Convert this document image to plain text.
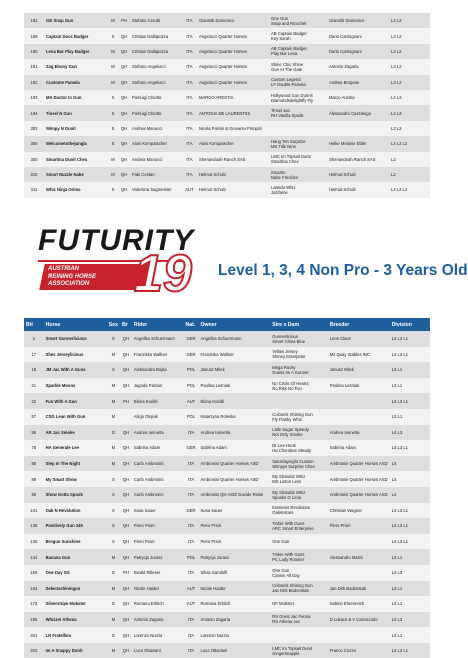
181	GD Snap Gun	M	PH	Stefano Cerutti	ITA	Giannitti Domenico	One Gun
Snap and Ricochet	Giannitti Domenico	L4 L3
189	Captain Docs Badger	S	QH	Cristian Dallapozza	ITA	Angelucci Quarter Horses	AB Captain Badger
Key Sarah	Dario Carmignani	L3 L2
190	Lena Bar Play Badger	M	QH	Cristian Dallapozza	ITA	Angelucci Quarter Horses	AB Captain Badger
Play Bar Lena	Dario Carmignani	L3 L2
191	Zag Ebony Gun	M	QH	Stefano Angelucci	ITA	Angelucci Quarter Horses	Shine Chic Shine
Gun At The Gate	Antonio Zagaria	L3 L2
192	Custome Pamela	M	QH	Stefano Angelucci	ITA	Angelucci Quarter Horses	Custom Legend
LF Double Pamela	Andrea Bergese	L3 L2
193	MA Doctor In Gun	S	QH	Pierluigi Chiotto	ITA	MARCO ARESTIA	Hollywood Gun Dunnit
Diamondsdelightfly Fly	Marco Arestia	L4 L3
194	Tinsel N Gun	S	QH	Pierluigi Chiotto	ITA	ANTONIA DE LAURENTIIS	Tinsel Jac
RH Vanilla Spook	Alessandro Cazzaniga	L4 L3
303	Wimpy N Dunit	S	QH	Andrea Manucci	ITA	Nicola Pulcini & Giovanni Pompizi			L3 L2
305	Welcometothejungla	S	QH	Alois Kompatscher	ITA	Alois Kompatscher	Hang Ten Surprize
MS Title Nine	Heike Melanie Ebler	L4 L3 L2
300	Smartina Dunit Chex	M	QH	Andrea Manucci	ITA	Shenandoah Ranch SAS	LMC Im Topsail Dunit
Smartina Chex	Shenandoah Ranch SAS	L2
310	Smart Nuzzle Nabe	M	QH	Fabi Cestari	ITA	Helmut Schulz	Smartin
Nabe Freckles	Helmut Schulz	L2
311	Whiz Ninja Orima	S	QH	Valentina Sagmeister	AUT	Helmut Schulz	Lareido Whiz
Jazifame	Helmut Schulz	L4 L3 L2
FUTURITY
19
AUSTRIAN
REINING HORSE
ASSOCIATION
Level 1, 3, 4 Non Pro - 3 Years Old
Bit	Horse	Sex	Br	Rider	Nat.	Owner	Sire x Dam	Breeder	Division
2	Smart Gunnerlicious	S	QH	Angelika Schuermann	GER	Angelika Schuermann	Gunnerlicious
Smart China Blue	Leon Claes	L4 L3 L1
17	Shes Jerseylicious	M	QH	Franziska Wallner	GER	Franziska Wallner	Yellow Jersey
Shiney Enterprise	Ms Quay Stables INC	L4 L3 L1
19	JM Jac With A Guns	S	QH	Aleksandra Bojda	POL	Janusz Milek	Mega Rocky
Guess Im A Gunner	Janusz Milek	L3 L1
21	Sparkle Moons	M	QH	Jagoda Pardus	POL	Paulina Lesniak	No Circle Of Hearts
No Risk No Fun	Paulina Lesniak	L3 L1
22	Fun With A Gun	M	PH	Elena Koelbl	AUT	Elena Koelbl			L4 L3 L1
57	CSG Lean With Gun	M		Alicja Olejnik	POL	Katarzyna Roleska	Colonels Shining Gun
Fly Flashy Whiz		L3 L1
59	AR Jac Smoke	G	QH	Andrea Iannetta	ITA	Andrea Iannetta	Little Sugar Speedy
Not Only Smoke	Andrea Iannetta	L4 L3
76	HA Generale Lee	M	QH	Sabrina Adam	GER	Sabrina Adam	Dr Lee Hook
Ha Cherokee Steady	Sabrina Adam	L4 L3 L1
88	Step In The Night	M	QH	Carlo Ambrosini	ITA	Ambrosini Quarter Horses ASD	Saturdaynight Custom
Wimpys Surprise Chex	Ambrosini Quarter Horses ASD	L4
89	My Smart Show	S	QH	Carlo Ambrosini	ITA	Ambrosini Quarter Horses ASD	My Showbiz Whiz
MS Linton Less	Ambrosini Quarter Horses ASD	L4
90	Show Gotta Spook	S	QH	Carlo Ambrosini	ITA	Ambrosini QH ASD/ Davide Rossi	My Showbiz Whiz
Spooks O Lena	Ambrosini Quarter Horses ASD	L4
101	Oak N Revolution	S	QH	Susa Sauer	GER	Susa Sauer	Einsteins Revolution
Oaksnstars	Christian Wagner	L4 L3 L1
135	Positively Gun 246	S	QH	Piero Priori	ITA	Piero Priori	Tinker With Guns
ARC Smart Enterprise	Piero Priori	L4 L3 L1
136	Brogun Sunshine	S	QH	Piero Priori	ITA	Piero Priori	One Gun		L4 L3 L1
144	Banana Gun	M	QH	Patrycja Jurasz	POL	Patrycja Jurasz	Tinker With Guns
PC Lady Rooster	Alessandro Malcli	L3 L1
155	One Day SG	G	PH	Ewald Rilleser	ITA	Silvia Gandolfi	One Gun
Cannie All Day		L4 L3
164	Selectashiningun	M	QH	Nicole Haider	AUT	Nicole Haider	Colonels Shining Gun
Jan Dirk Bodenstab	Jan Dirk Bodenstab	L3 L1
173	Silverstripe Mobster	G	QH	Romana Erblich	AUT	Romana Erblich	HF Mobster	Sabine Ehrenreich	L3 L1
195	Whizzer Athena	M	QH	Antonio Zagaria	ITA	Antonio Zagaria	RS Great Jac Feona
RS Athena Jac	D Lukacs & V Carracciolo	L4 L3
301	LN Fratellino	G	QH	Lorenzo Nurzia	ITA	Lorenzo Nurzia			L3 L1
302	Im A Snappy Dunit	M	QH	Luca Ottaviani	ITA	Luca Ottaviani	LMC Im Topsail Dunit
Gingersnapple	Franco Cozza	L4 L3 L1
